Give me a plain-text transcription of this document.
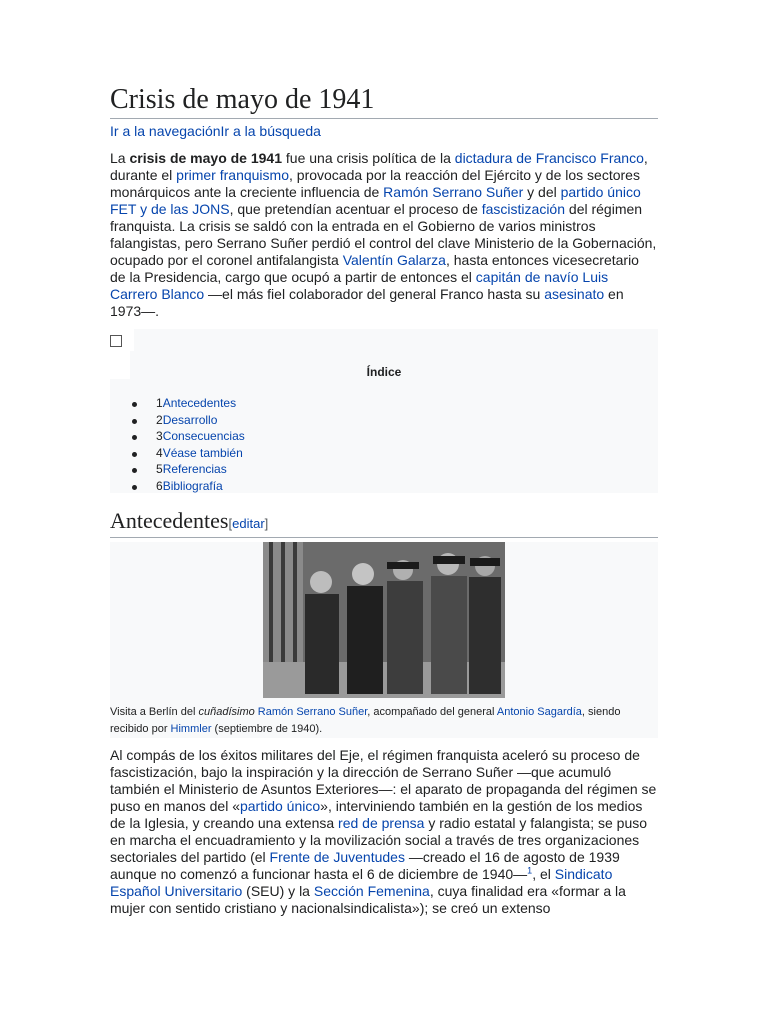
Crisis de mayo de 1941
Ir a la navegaciónIr a la búsqueda

La crisis de mayo de 1941 fue una crisis política de la dictadura de Francisco Franco, durante el primer franquismo, provocada por la reacción del Ejército y de los sectores monárquicos ante la creciente influencia de Ramón Serrano Suñer y del partido único FET y de las JONS, que pretendían acentuar el proceso de fascistización del régimen franquista. La crisis se saldó con la entrada en el Gobierno de varios ministros falangistas, pero Serrano Suñer perdió el control del clave Ministerio de la Gobernación, ocupado por el coronel antifalangista Valentín Galarza, hasta entonces vicesecretario de la Presidencia, cargo que ocupó a partir de entonces el capitán de navío Luis Carrero Blanco —el más fiel colaborador del general Franco hasta su asesinato en 1973—.

Índice
1Antecedentes
2Desarrollo
3Consecuencias
4Véase también
5Referencias
6Bibliografía
Antecedentes[editar]
Visita a Berlín del cuñadísimo Ramón Serrano Suñer, acompañado del general Antonio Sagardía, siendo recibido por Himmler (septiembre de 1940).

Al compás de los éxitos militares del Eje, el régimen franquista aceleró su proceso de fascistización, bajo la inspiración y la dirección de Serrano Suñer —que acumuló también el Ministerio de Asuntos Exteriores—: el aparato de propaganda del régimen se puso en manos del «partido único», interviniendo también en la gestión de los medios de la Iglesia, y creando una extensa red de prensa y radio estatal y falangista; se puso en marcha el encuadramiento y la movilización social a través de tres organizaciones sectoriales del partido (el Frente de Juventudes —creado el 16 de agosto de 1939 aunque no comenzó a funcionar hasta el 6 de diciembre de 1940—$^1$, el Sindicato Español Universitario (SEU) y la Sección Femenina, cuya finalidad era «formar a la mujer con sentido cristiano y nacionalsindicalista»); se creó un extenso
